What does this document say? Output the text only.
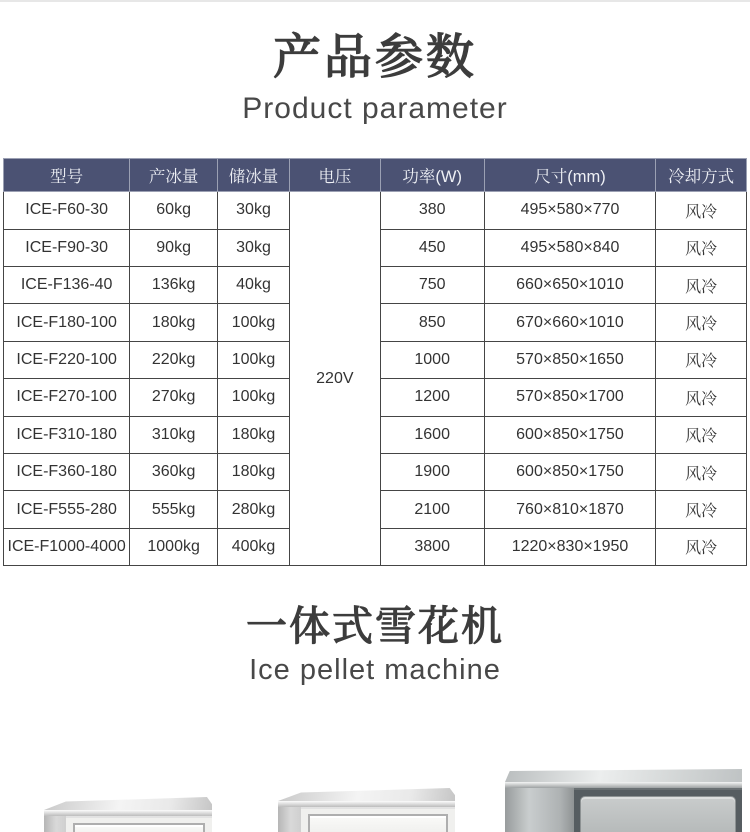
产品参数
Product parameter
型号	产冰量	储冰量	电压	功率(W)	尺寸(mm)	冷却方式
ICE-F60-30	60kg	30kg	220V	380	495×580×770	风冷
ICE-F90-30	90kg	30kg		450	495×580×840	风冷
ICE-F136-40	136kg	40kg		750	660×650×1010	风冷
ICE-F180-100	180kg	100kg		850	670×660×1010	风冷
ICE-F220-100	220kg	100kg		1000	570×850×1650	风冷
ICE-F270-100	270kg	100kg		1200	570×850×1700	风冷
ICE-F310-180	310kg	180kg		1600	600×850×1750	风冷
ICE-F360-180	360kg	180kg		1900	600×850×1750	风冷
ICE-F555-280	555kg	280kg		2100	760×810×1870	风冷
ICE-F1000-4000	1000kg	400kg		3800	1220×830×1950	风冷
一体式雪花机
Ice pellet machine
